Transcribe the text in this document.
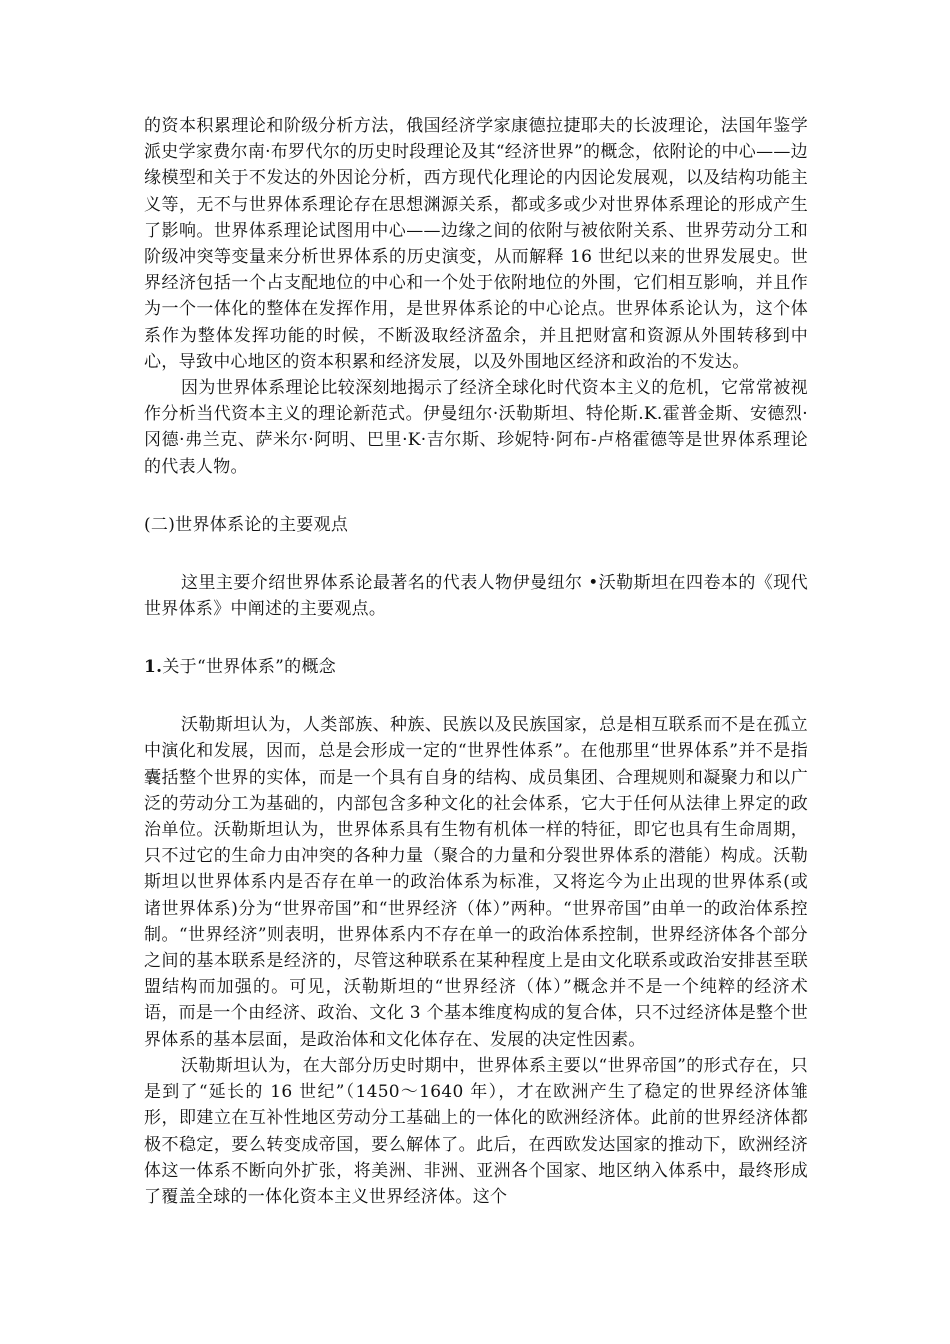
的资本积累理论和阶级分析方法，俄国经济学家康德拉捷耶夫的长波理论，法国年鉴学派史学家费尔南·布罗代尔的历史时段理论及其“经济世界”的概念，依附论的中心——边缘模型和关于不发达的外因论分析，西方现代化理论的内因论发展观，以及结构功能主义等，无不与世界体系理论存在思想渊源关系，都或多或少对世界体系理论的形成产生了影响。世界体系理论试图用中心——边缘之间的依附与被依附关系、世界劳动分工和阶级冲突等变量来分析世界体系的历史演变，从而解释 16 世纪以来的世界发展史。世界经济包括一个占支配地位的中心和一个处于依附地位的外围，它们相互影响，并且作为一个一体化的整体在发挥作用，是世界体系论的中心论点。世界体系论认为，这个体系作为整体发挥功能的时候，不断汲取经济盈余，并且把财富和资源从外围转移到中心，导致中心地区的资本积累和经济发展，以及外围地区经济和政治的不发达。

因为世界体系理论比较深刻地揭示了经济全球化时代资本主义的危机，它常常被视作分析当代资本主义的理论新范式。伊曼纽尔·沃勒斯坦、特伦斯.K.霍普金斯、安德烈·冈德·弗兰克、萨米尔·阿明、巴里·K·吉尔斯、珍妮特·阿布-卢格霍德等是世界体系理论的代表人物。

(二)世界体系论的主要观点

这里主要介绍世界体系论最著名的代表人物伊曼纽尔 •沃勒斯坦在四卷本的《现代世界体系》中阐述的主要观点。

1.关于“世界体系”的概念

沃勒斯坦认为，人类部族、种族、民族以及民族国家，总是相互联系而不是在孤立中演化和发展，因而，总是会形成一定的“世界性体系”。在他那里“世界体系”并不是指囊括整个世界的实体，而是一个具有自身的结构、成员集团、合理规则和凝聚力和以广泛的劳动分工为基础的，内部包含多种文化的社会体系，它大于任何从法律上界定的政治单位。沃勒斯坦认为，世界体系具有生物有机体一样的特征，即它也具有生命周期，只不过它的生命力由冲突的各种力量（聚合的力量和分裂世界体系的潜能）构成。沃勒斯坦以世界体系内是否存在单一的政治体系为标准，又将迄今为止出现的世界体系(或诸世界体系)分为“世界帝国”和“世界经济（体）”两种。“世界帝国”由单一的政治体系控制。“世界经济”则表明，世界体系内不存在单一的政治体系控制，世界经济体各个部分之间的基本联系是经济的，尽管这种联系在某种程度上是由文化联系或政治安排甚至联盟结构而加强的。可见，沃勒斯坦的“世界经济（体）”概念并不是一个纯粹的经济术语，而是一个由经济、政治、文化 3 个基本维度构成的复合体，只不过经济体是整个世界体系的基本层面，是政治体和文化体存在、发展的决定性因素。

沃勒斯坦认为，在大部分历史时期中，世界体系主要以“世界帝国”的形式存在，只是到了“延长的 16 世纪”（1450～1640 年），才在欧洲产生了稳定的世界经济体雏形，即建立在互补性地区劳动分工基础上的一体化的欧洲经济体。此前的世界经济体都极不稳定，要么转变成帝国，要么解体了。此后，在西欧发达国家的推动下，欧洲经济体这一体系不断向外扩张，将美洲、非洲、亚洲各个国家、地区纳入体系中，最终形成了覆盖全球的一体化资本主义世界经济体。这个
